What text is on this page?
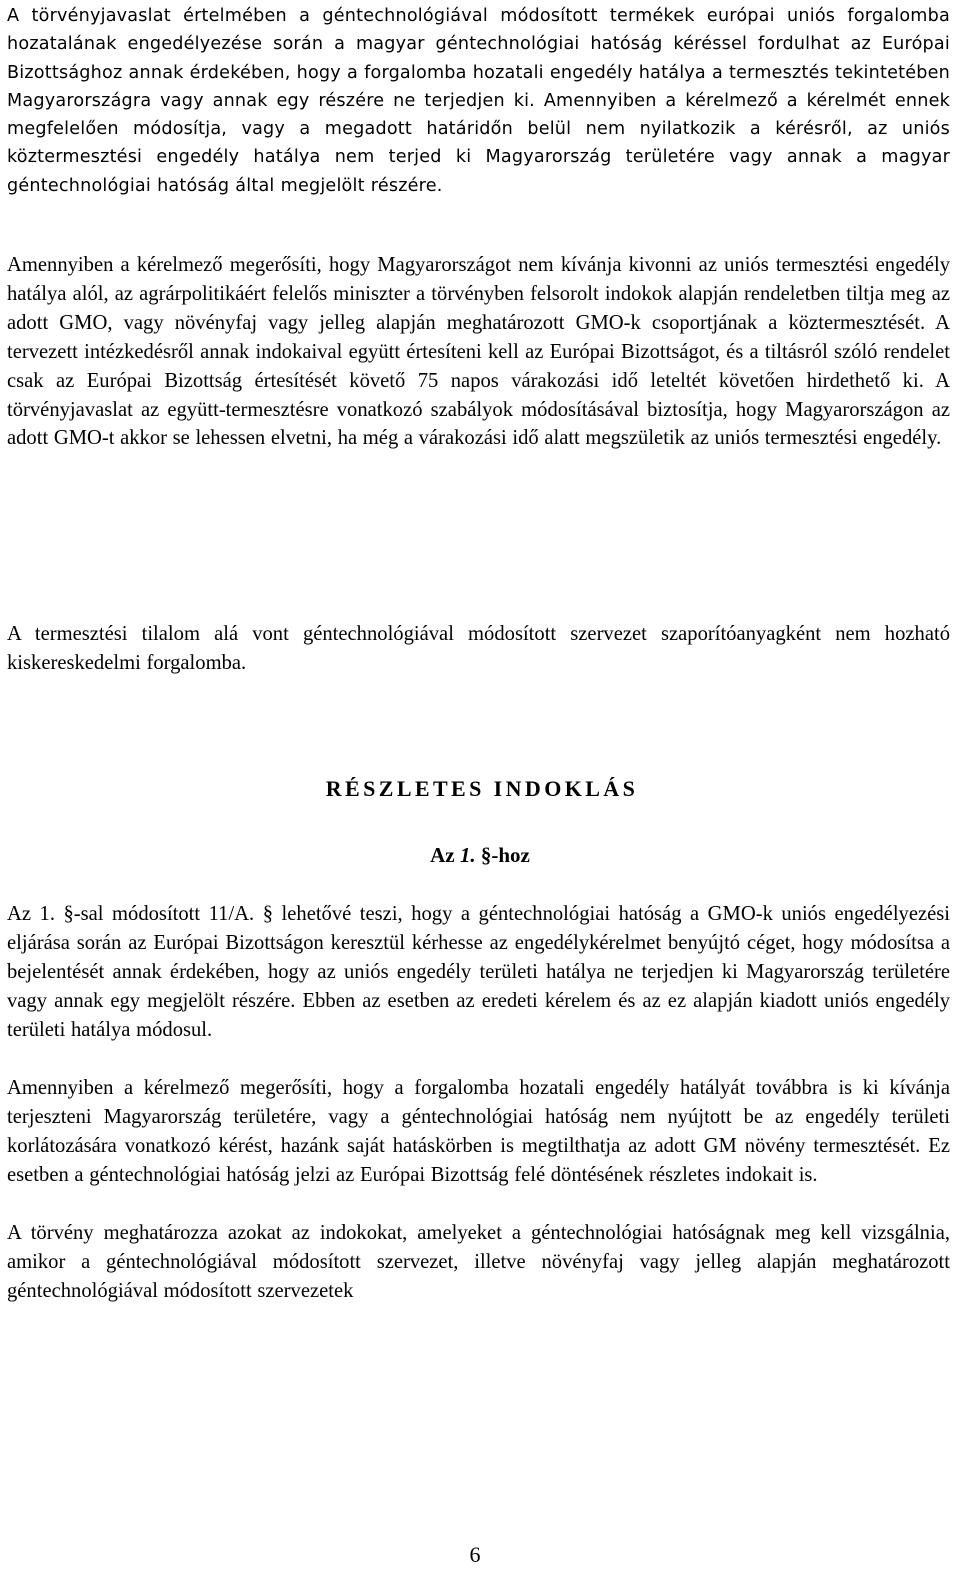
A törvényjavaslat értelmében a géntechnológiával módosított termékek európai uniós forgalomba hozatalának engedélyezése során a magyar géntechnológiai hatóság kéréssel fordulhat az Európai Bizottsághoz annak érdekében, hogy a forgalomba hozatali engedély hatálya a termesztés tekintetében Magyarországra vagy annak egy részére ne terjedjen ki. Amennyiben a kérelmező a kérelmét ennek megfelelően módosítja, vagy a megadott határidőn belül nem nyilatkozik a kérésről, az uniós köztermesztési engedély hatálya nem terjed ki Magyarország területére vagy annak a magyar géntechnológiai hatóság által megjelölt részére.

Amennyiben a kérelmező megerősíti, hogy Magyarországot nem kívánja kivonni az uniós termesztési engedély hatálya alól, az agrárpolitikáért felelős miniszter a törvényben felsorolt indokok alapján rendeletben tiltja meg az adott GMO, vagy növényfaj vagy jelleg alapján meghatározott GMO-k csoportjának a köztermesztését. A tervezett intézkedésről annak indokaival együtt értesíteni kell az Európai Bizottságot, és a tiltásról szóló rendelet csak az Európai Bizottság értesítését követő 75 napos várakozási idő leteltét követően hirdethető ki. A törvényjavaslat az együtt-termesztésre vonatkozó szabályok módosításával biztosítja, hogy Magyarországon az adott GMO-t akkor se lehessen elvetni, ha még a várakozási idő alatt megszületik az uniós termesztési engedély.

A termesztési tilalom alá vont géntechnológiával módosított szervezet szaporítóanyagként nem hozható kiskereskedelmi forgalomba.

RÉSZLETES INDOKLÁS
Az 1. §-hoz

Az 1. §-sal módosított 11/A. § lehetővé teszi, hogy a géntechnológiai hatóság a GMO-k uniós engedélyezési eljárása során az Európai Bizottságon keresztül kérhesse az engedélykérelmet benyújtó céget, hogy módosítsa a bejelentését annak érdekében, hogy az uniós engedély területi hatálya ne terjedjen ki Magyarország területére vagy annak egy megjelölt részére. Ebben az esetben az eredeti kérelem és az ez alapján kiadott uniós engedély területi hatálya módosul.

Amennyiben a kérelmező megerősíti, hogy a forgalomba hozatali engedély hatályát továbbra is ki kívánja terjeszteni Magyarország területére, vagy a géntechnológiai hatóság nem nyújtott be az engedély területi korlátozására vonatkozó kérést, hazánk saját hatáskörben is megtilthatja az adott GM növény termesztését. Ez esetben a géntechnológiai hatóság jelzi az Európai Bizottság felé döntésének részletes indokait is.

A törvény meghatározza azokat az indokokat, amelyeket a géntechnológiai hatóságnak meg kell vizsgálnia, amikor a géntechnológiával módosított szervezet, illetve növényfaj vagy jelleg alapján meghatározott géntechnológiával módosított szervezetek

6
